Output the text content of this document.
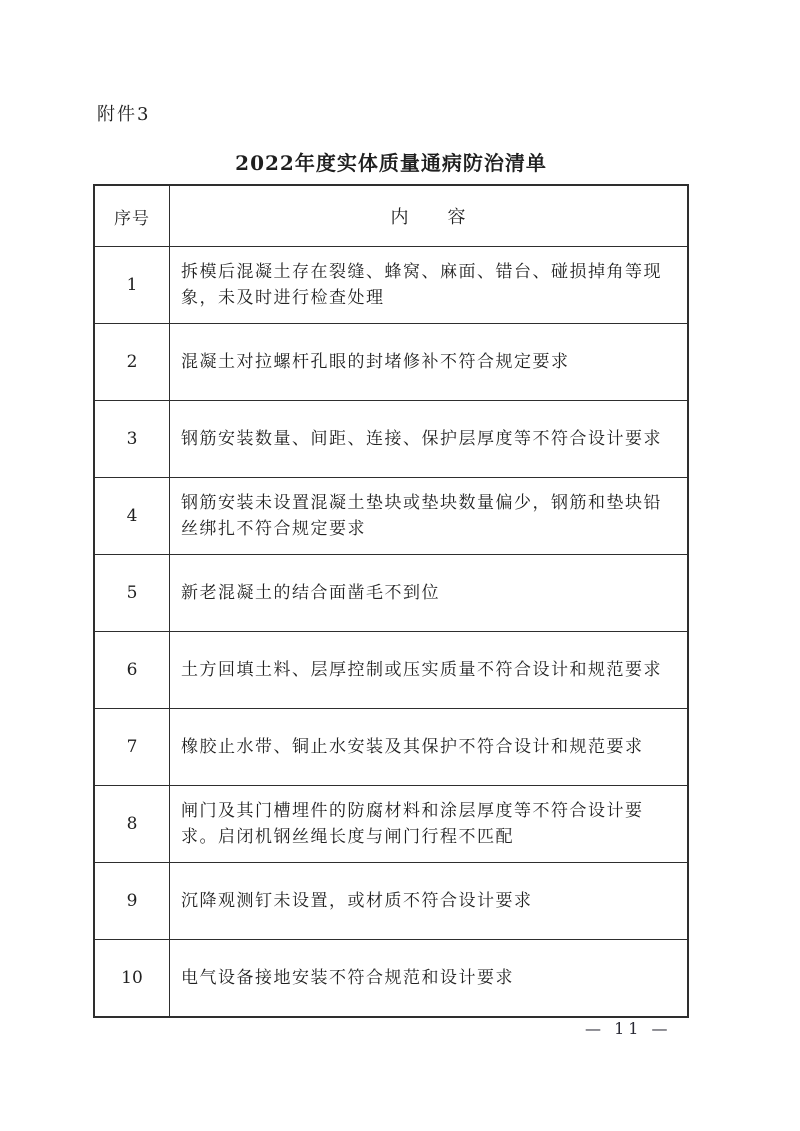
附件3
2022年度实体质量通病防治清单
序号	内　　容
1	拆模后混凝土存在裂缝、蜂窝、麻面、错台、碰损掉角等现象，未及时进行检查处理
2	混凝土对拉螺杆孔眼的封堵修补不符合规定要求
3	钢筋安装数量、间距、连接、保护层厚度等不符合设计要求
4	钢筋安装未设置混凝土垫块或垫块数量偏少，钢筋和垫块铅丝绑扎不符合规定要求
5	新老混凝土的结合面凿毛不到位
6	土方回填土料、层厚控制或压实质量不符合设计和规范要求
7	橡胶止水带、铜止水安装及其保护不符合设计和规范要求
8	闸门及其门槽埋件的防腐材料和涂层厚度等不符合设计要求。启闭机钢丝绳长度与闸门行程不匹配
9	沉降观测钉未设置，或材质不符合设计要求
10	电气设备接地安装不符合规范和设计要求
— 11 —
